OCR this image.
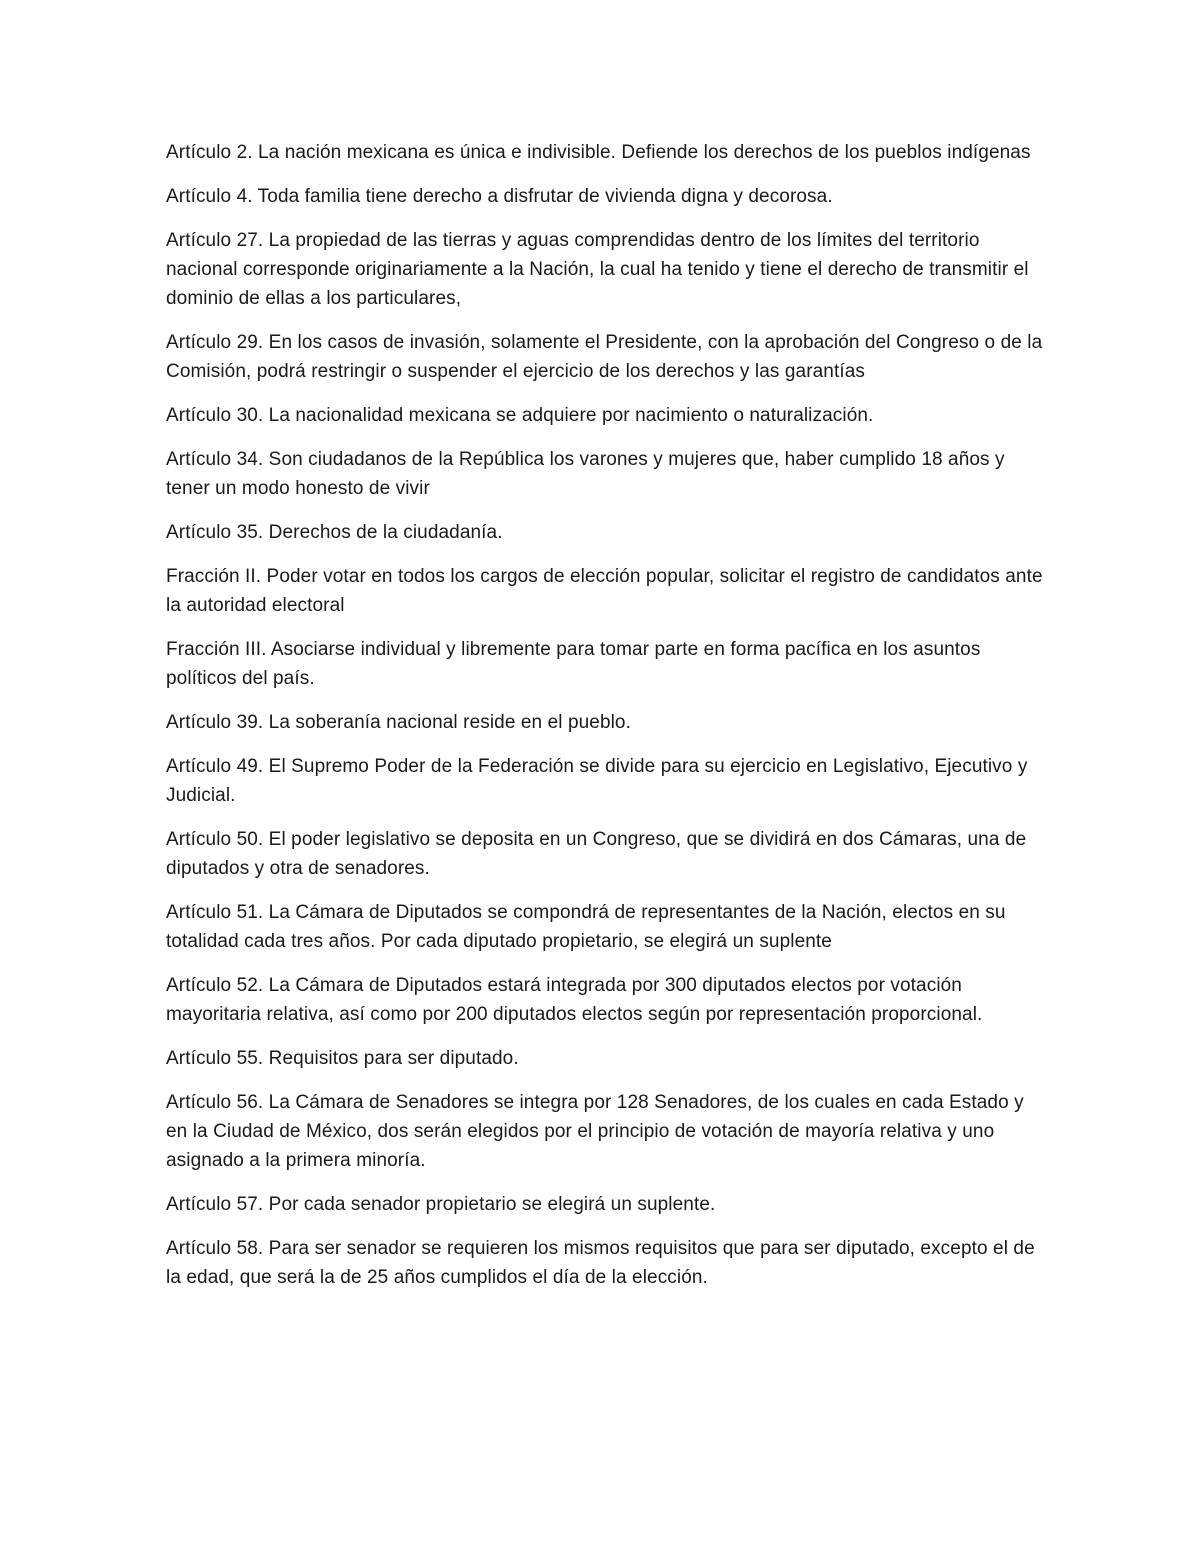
Artículo 2. La nación mexicana es única e indivisible. Defiende los derechos de los pueblos indígenas

Artículo 4. Toda familia tiene derecho a disfrutar de vivienda digna y decorosa.

Artículo 27. La propiedad de las tierras y aguas comprendidas dentro de los límites del territorio nacional corresponde originariamente a la Nación, la cual ha tenido y tiene el derecho de transmitir el dominio de ellas a los particulares,

Artículo 29. En los casos de invasión, solamente el Presidente, con la aprobación del Congreso o de la Comisión, podrá restringir o suspender el ejercicio de los derechos y las garantías

Artículo 30. La nacionalidad mexicana se adquiere por nacimiento o naturalización.

Artículo 34. Son ciudadanos de la República los varones y mujeres que, haber cumplido 18 años y tener un modo honesto de vivir

Artículo 35. Derechos de la ciudadanía.

Fracción II. Poder votar en todos los cargos de elección popular, solicitar el registro de candidatos ante la autoridad electoral

Fracción III. Asociarse individual y libremente para tomar parte en forma pacífica en los asuntos políticos del país.

Artículo 39. La soberanía nacional reside en el pueblo.

Artículo 49. El Supremo Poder de la Federación se divide para su ejercicio en Legislativo, Ejecutivo y Judicial.

Artículo 50. El poder legislativo se deposita en un Congreso, que se dividirá en dos Cámaras, una de diputados y otra de senadores.

Artículo 51. La Cámara de Diputados se compondrá de representantes de la Nación, electos en su totalidad cada tres años. Por cada diputado propietario, se elegirá un suplente

Artículo 52. La Cámara de Diputados estará integrada por 300 diputados electos por votación mayoritaria relativa, así como por 200 diputados electos según por representación proporcional.

Artículo 55. Requisitos para ser diputado.

Artículo 56. La Cámara de Senadores se integra por 128 Senadores, de los cuales en cada Estado y en la Ciudad de México, dos serán elegidos por el principio de votación de mayoría relativa y uno asignado a la primera minoría.

Artículo 57. Por cada senador propietario se elegirá un suplente.

Artículo 58. Para ser senador se requieren los mismos requisitos que para ser diputado, excepto el de la edad, que será la de 25 años cumplidos el día de la elección.
